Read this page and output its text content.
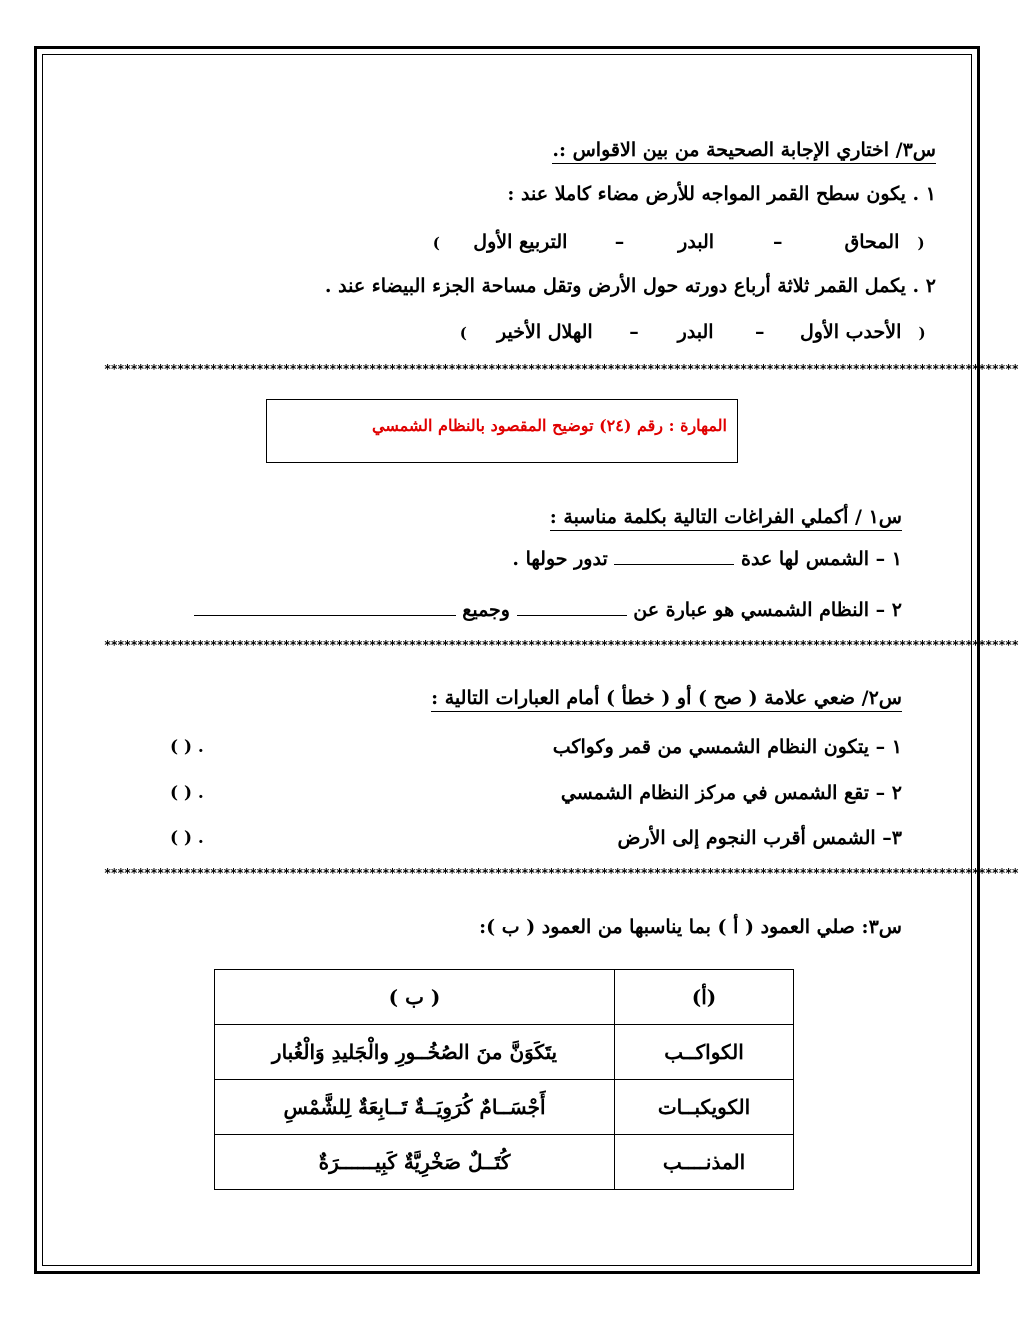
س٣/ اختاري الإجابة الصحيحة من بين الاقواس :.
١ . يكون سطح القمر المواجه للأرض مضاء كاملا عند :
( المحاق – البدر – التربيع الأول )
٢ . يكمل القمر ثلاثة أرباع دورته حول الأرض وتقل مساحة الجزء البيضاء عند .
( الأحدب الأول – البدر – الهلال الأخير )
******************************************************************************************************************************************
المهارة : رقم (٢٤) توضيح المقصود بالنظام الشمسي
س١ / أكملي الفراغات التالية بكلمة مناسبة :
١ – الشمس لها عدة  تدور حولها .
٢ – النظام الشمسي هو عبارة عن  وجميع
******************************************************************************************************************************************
س٢/ ضعي علامة ( صح ) أو ( خطأ ) أمام العبارات التالية :
١ – يتكون النظام الشمسي من قمر وكواكب
( ) .
٢ – تقع الشمس في مركز النظام الشمسي
( ) .
٣– الشمس أقرب النجوم إلى الأرض
( ) .
******************************************************************************************************************************************
س٣: صلي العمود ( أ ) بما يناسبها من العمود ( ب ):
( ب )	(أ)
يتَكَوَنَّ منَ الصُخُــورِ والْجَليدِ وَالْغُبار	الكواكــب
أَجْسَــامٌ كُرَوِيَــةٌ تَــابِعَةٌ لِلشَّمْسِ	الكويكبــات
كُتَــلٌ صَخْرِيَّةٌ كَبِيــــــرَةٌ	المذنــــب
